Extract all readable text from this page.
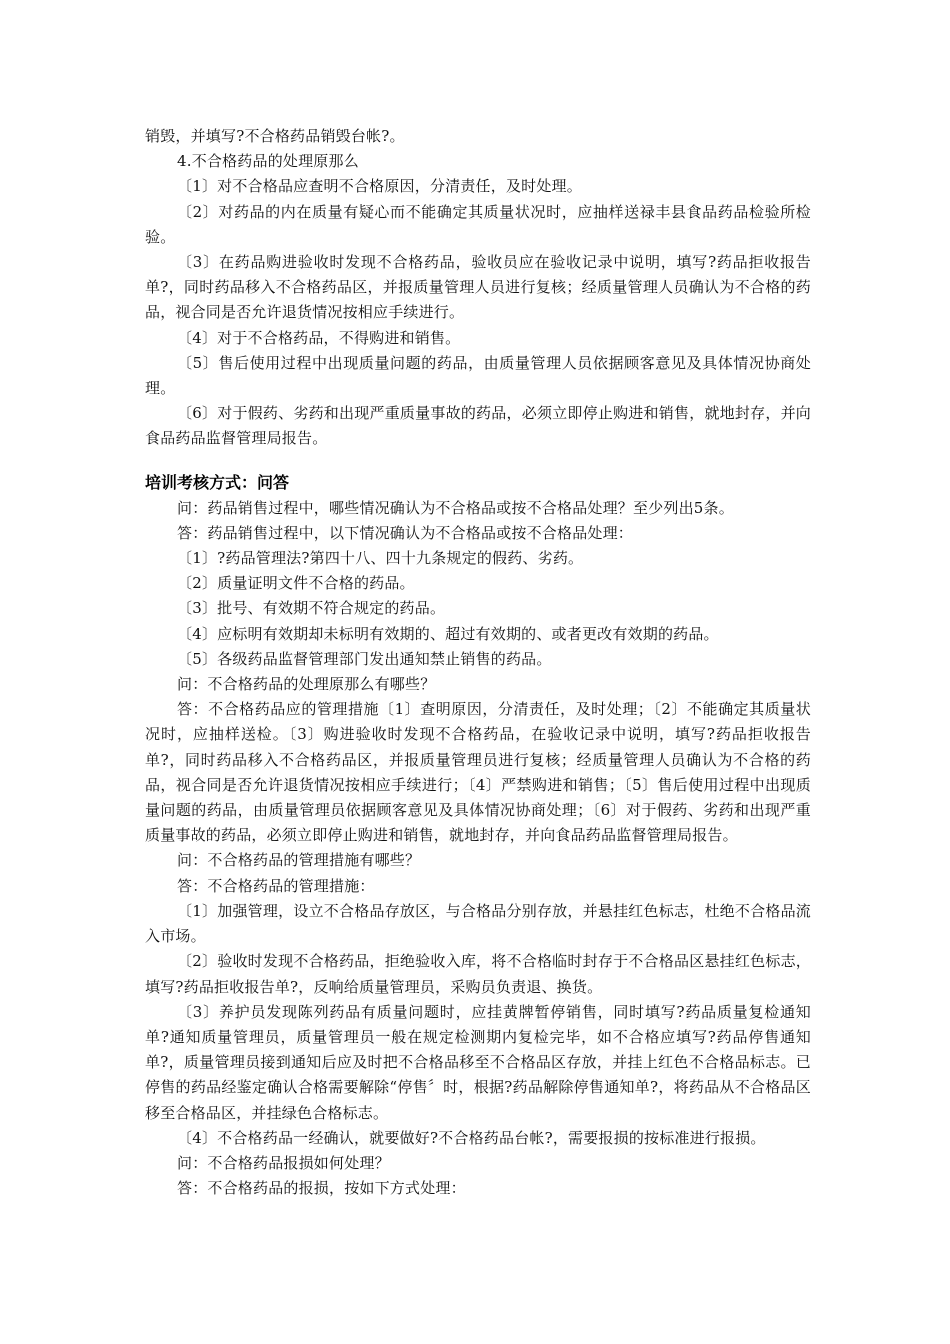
销毁，并填写?不合格药品销毁台帐?。

4.不合格药品的处理原那么

〔1〕对不合格品应查明不合格原因，分清责任，及时处理。

〔2〕对药品的内在质量有疑心而不能确定其质量状况时，应抽样送禄丰县食品药品检验所检验。

〔3〕在药品购进验收时发现不合格药品，验收员应在验收记录中说明，填写?药品拒收报告单?，同时药品移入不合格药品区，并报质量管理人员进行复核；经质量管理人员确认为不合格的药品，视合同是否允许退货情况按相应手续进行。

〔4〕对于不合格药品，不得购进和销售。

〔5〕售后使用过程中出现质量问题的药品，由质量管理人员依据顾客意见及具体情况协商处理。

〔6〕对于假药、劣药和出现严重质量事故的药品，必须立即停止购进和销售，就地封存，并向食品药品监督管理局报告。

培训考核方式：问答

问：药品销售过程中，哪些情况确认为不合格品或按不合格品处理？至少列出5条。

答：药品销售过程中，以下情况确认为不合格品或按不合格品处理：

〔1〕?药品管理法?第四十八、四十九条规定的假药、劣药。

〔2〕质量证明文件不合格的药品。

〔3〕批号、有效期不符合规定的药品。

〔4〕应标明有效期却未标明有效期的、超过有效期的、或者更改有效期的药品。

〔5〕各级药品监督管理部门发出通知禁止销售的药品。

问：不合格药品的处理原那么有哪些？

答：不合格药品应的管理措施〔1〕查明原因，分清责任，及时处理；〔2〕不能确定其质量状况时，应抽样送检。〔3〕购进验收时发现不合格药品，在验收记录中说明，填写?药品拒收报告单?，同时药品移入不合格药品区，并报质量管理员进行复核；经质量管理人员确认为不合格的药品，视合同是否允许退货情况按相应手续进行；〔4〕严禁购进和销售；〔5〕售后使用过程中出现质量问题的药品，由质量管理员依据顾客意见及具体情况协商处理；〔6〕对于假药、劣药和出现严重质量事故的药品，必须立即停止购进和销售，就地封存，并向食品药品监督管理局报告。

问：不合格药品的管理措施有哪些？

答：不合格药品的管理措施：

〔1〕加强管理，设立不合格品存放区，与合格品分别存放，并悬挂红色标志，杜绝不合格品流入市场。

〔2〕验收时发现不合格药品，拒绝验收入库，将不合格临时封存于不合格品区悬挂红色标志，填写?药品拒收报告单?，反响给质量管理员，采购员负责退、换货。

〔3〕养护员发现陈列药品有质量问题时，应挂黄牌暂停销售，同时填写?药品质量复检通知单?通知质量管理员，质量管理员一般在规定检测期内复检完毕，如不合格应填写?药品停售通知单?，质量管理员接到通知后应及时把不合格品移至不合格品区存放，并挂上红色不合格品标志。已停售的药品经鉴定确认合格需要解除“停售〞时，根据?药品解除停售通知单?，将药品从不合格品区移至合格品区，并挂绿色合格标志。

〔4〕不合格药品一经确认，就要做好?不合格药品台帐?，需要报损的按标准进行报损。

问：不合格药品报损如何处理？

答：不合格药品的报损，按如下方式处理：
